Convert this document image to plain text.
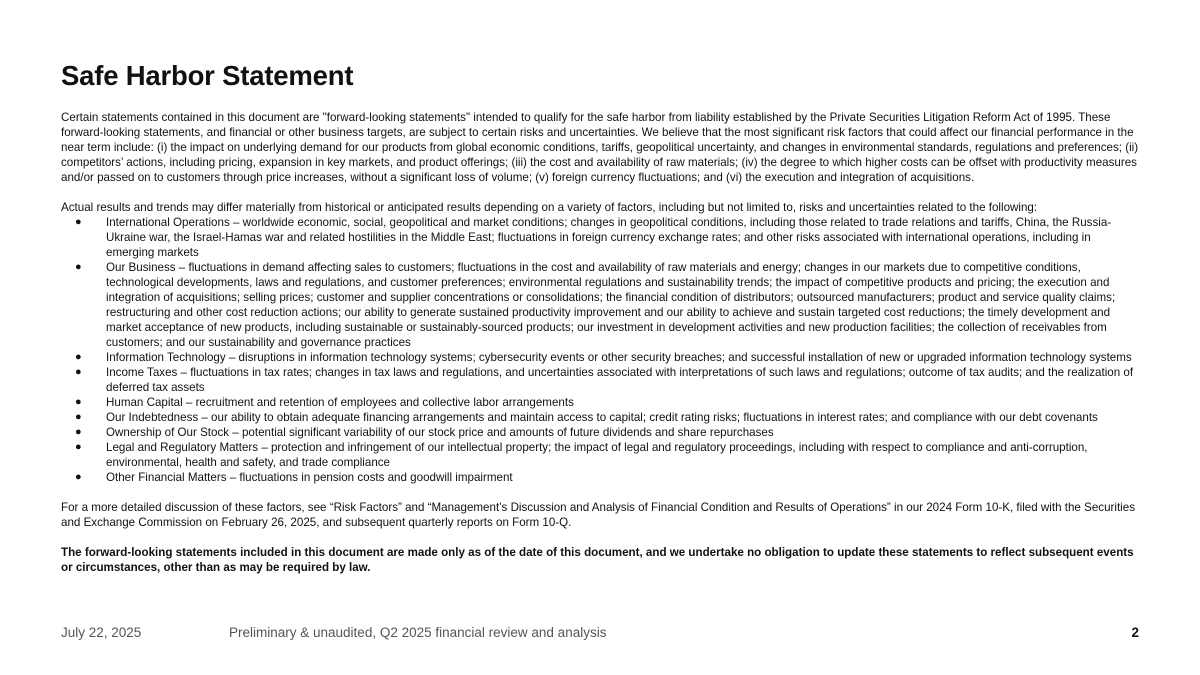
Safe Harbor Statement

Certain statements contained in this document are "forward-looking statements" intended to qualify for the safe harbor from liability established by the Private Securities Litigation Reform Act of 1995. These forward-looking statements, and financial or other business targets, are subject to certain risks and uncertainties. We believe that the most significant risk factors that could affect our financial performance in the near term include: (i) the impact on underlying demand for our products from global economic conditions, tariffs, geopolitical uncertainty, and changes in environmental standards, regulations and preferences; (ii) competitors’ actions, including pricing, expansion in key markets, and product offerings; (iii) the cost and availability of raw materials; (iv) the degree to which higher costs can be offset with productivity measures and/or passed on to customers through price increases, without a significant loss of volume; (v) foreign currency fluctuations; and (vi) the execution and integration of acquisitions.

Actual results and trends may differ materially from historical or anticipated results depending on a variety of factors, including but not limited to, risks and uncertainties related to the following:

● International Operations – worldwide economic, social, geopolitical and market conditions; changes in geopolitical conditions, including those related to trade relations and tariffs, China, the Russia-Ukraine war, the Israel-Hamas war and related hostilities in the Middle East; fluctuations in foreign currency exchange rates; and other risks associated with international operations, including in emerging markets
● Our Business – fluctuations in demand affecting sales to customers; fluctuations in the cost and availability of raw materials and energy; changes in our markets due to competitive conditions, technological developments, laws and regulations, and customer preferences; environmental regulations and sustainability trends; the impact of competitive products and pricing; the execution and integration of acquisitions; selling prices; customer and supplier concentrations or consolidations; the financial condition of distributors; outsourced manufacturers; product and service quality claims; restructuring and other cost reduction actions; our ability to generate sustained productivity improvement and our ability to achieve and sustain targeted cost reductions; the timely development and market acceptance of new products, including sustainable or sustainably-sourced products; our investment in development activities and new production facilities; the collection of receivables from customers; and our sustainability and governance practices
● Information Technology – disruptions in information technology systems; cybersecurity events or other security breaches; and successful installation of new or upgraded information technology systems
● Income Taxes – fluctuations in tax rates; changes in tax laws and regulations, and uncertainties associated with interpretations of such laws and regulations; outcome of tax audits; and the realization of deferred tax assets
● Human Capital – recruitment and retention of employees and collective labor arrangements
● Our Indebtedness – our ability to obtain adequate financing arrangements and maintain access to capital; credit rating risks; fluctuations in interest rates; and compliance with our debt covenants
● Ownership of Our Stock – potential significant variability of our stock price and amounts of future dividends and share repurchases
● Legal and Regulatory Matters – protection and infringement of our intellectual property; the impact of legal and regulatory proceedings, including with respect to compliance and anti-corruption, environmental, health and safety, and trade compliance
● Other Financial Matters – fluctuations in pension costs and goodwill impairment

For a more detailed discussion of these factors, see “Risk Factors” and “Management’s Discussion and Analysis of Financial Condition and Results of Operations” in our 2024 Form 10-K, filed with the Securities and Exchange Commission on February 26, 2025, and subsequent quarterly reports on Form 10-Q.

The forward-looking statements included in this document are made only as of the date of this document, and we undertake no obligation to update these statements to reflect subsequent events or circumstances, other than as may be required by law.

July 22, 2025	Preliminary & unaudited, Q2 2025 financial review and analysis	2
